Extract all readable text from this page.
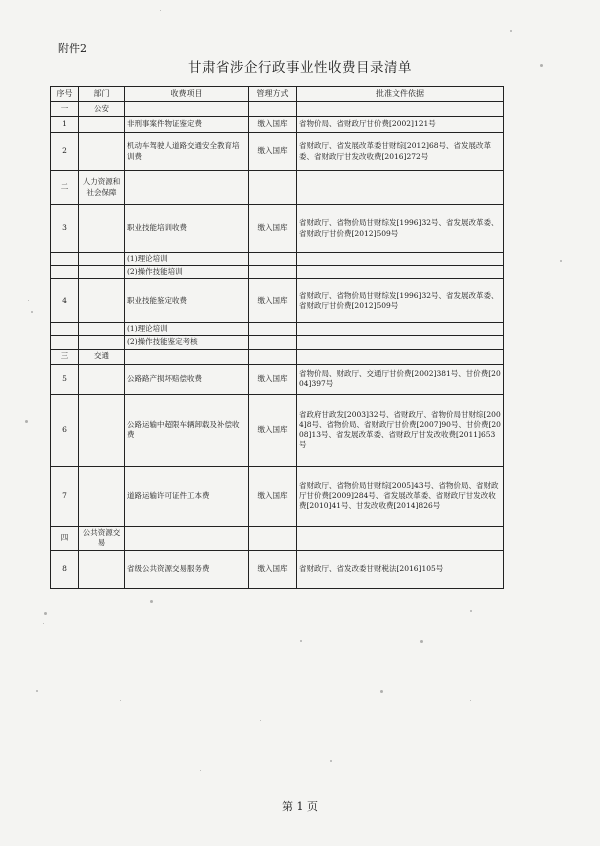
附件2
甘肃省涉企行政事业性收费目录清单
序号	部门	收费项目	管理方式	批准文件依据
一	公安			
1		非刑事案件物证鉴定费	缴入国库	省物价局、省财政厅甘价费[2002]121号
2		机动车驾驶人道路交通安全教育培训费	缴入国库	省财政厅、省发展改革委甘财综[2012]68号、省发展改革委、省财政厅甘发改收费[2016]272号
二	人力资源和社会保障			
3		职业技能培训收费	缴入国库	省财政厅、省物价局甘财综发[1996]32号、省发展改革委、省财政厅甘价费[2012]509号
		(1)理论培训		
		(2)操作技能培训		
4		职业技能鉴定收费	缴入国库	省财政厅、省物价局甘财综发[1996]32号、省发展改革委、省财政厅甘价费[2012]509号
		(1)理论培训		
		(2)操作技能鉴定考核		
三	交通			
5		公路路产损坏赔偿收费	缴入国库	省物价局、财政厅、交通厅甘价费[2002]381号、甘价费[2004]397号
6		公路运输中超限车辆卸载及补偿收费	缴入国库	省政府甘政发[2003]32号、省财政厅、省物价局甘财综[2004]8号、省物价局、省财政厅甘价费[2007]90号、甘价费[2008]13号、省发展改革委、省财政厅甘发改收费[2011]653号
7		道路运输许可证件工本费	缴入国库	省财政厅、省物价局甘财综[2005]43号、省物价局、省财政厅甘价费[2009]284号、省发展改革委、省财政厅甘发改收费[2010]41号、甘发改收费[2014]826号
四	公共资源交易			
8		省级公共资源交易服务费	缴入国库	省财政厅、省发改委甘财税法[2016]105号
第 1 页
